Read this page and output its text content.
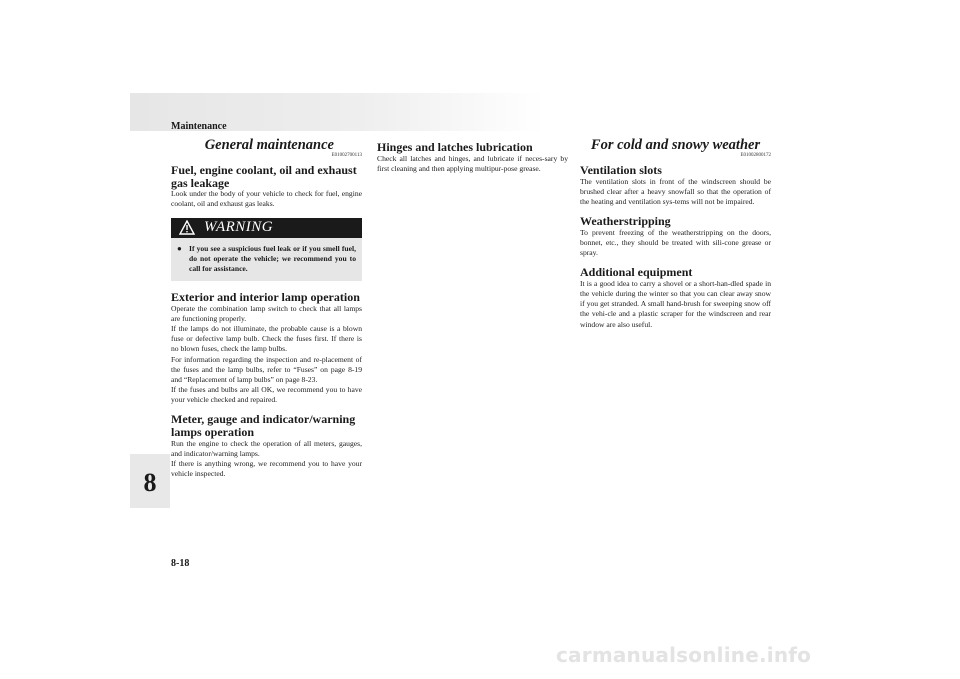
Maintenance
8
General maintenance
E01002700113
Fuel, engine coolant, oil and exhaust gas leakage

Look under the body of your vehicle to check for fuel, engine coolant, oil and exhaust gas leaks.

WARNING
● If you see a suspicious fuel leak or if you smell fuel, do not operate the vehicle; we recommend you to call for assistance.
Exterior and interior lamp operation

Operate the combination lamp switch to check that all lamps are functioning properly.

If the lamps do not illuminate, the probable cause is a blown fuse or defective lamp bulb. Check the fuses first. If there is no blown fuses, check the lamp bulbs.

For information regarding the inspection and re-placement of the fuses and the lamp bulbs, refer to “Fuses” on page 8-19 and “Replacement of lamp bulbs” on page 8-23.

If the fuses and bulbs are all OK, we recommend you to have your vehicle checked and repaired.

Meter, gauge and indicator/warning lamps operation

Run the engine to check the operation of all meters, gauges, and indicator/warning lamps.

If there is anything wrong, we recommend you to have your vehicle inspected.

Hinges and latches lubrication

Check all latches and hinges, and lubricate if neces-sary by first cleaning and then applying multipur-pose grease.

For cold and snowy weather
E01002800172
Ventilation slots

The ventilation slots in front of the windscreen should be brushed clear after a heavy snowfall so that the operation of the heating and ventilation sys-tems will not be impaired.

Weatherstripping

To prevent freezing of the weatherstripping on the doors, bonnet, etc., they should be treated with sili-cone grease or spray.

Additional equipment

It is a good idea to carry a shovel or a short-han-dled spade in the vehicle during the winter so that you can clear away snow if you get stranded. A small hand-brush for sweeping snow off the vehi-cle and a plastic scraper for the windscreen and rear window are also useful.

8-18
carmanualsonline.info
